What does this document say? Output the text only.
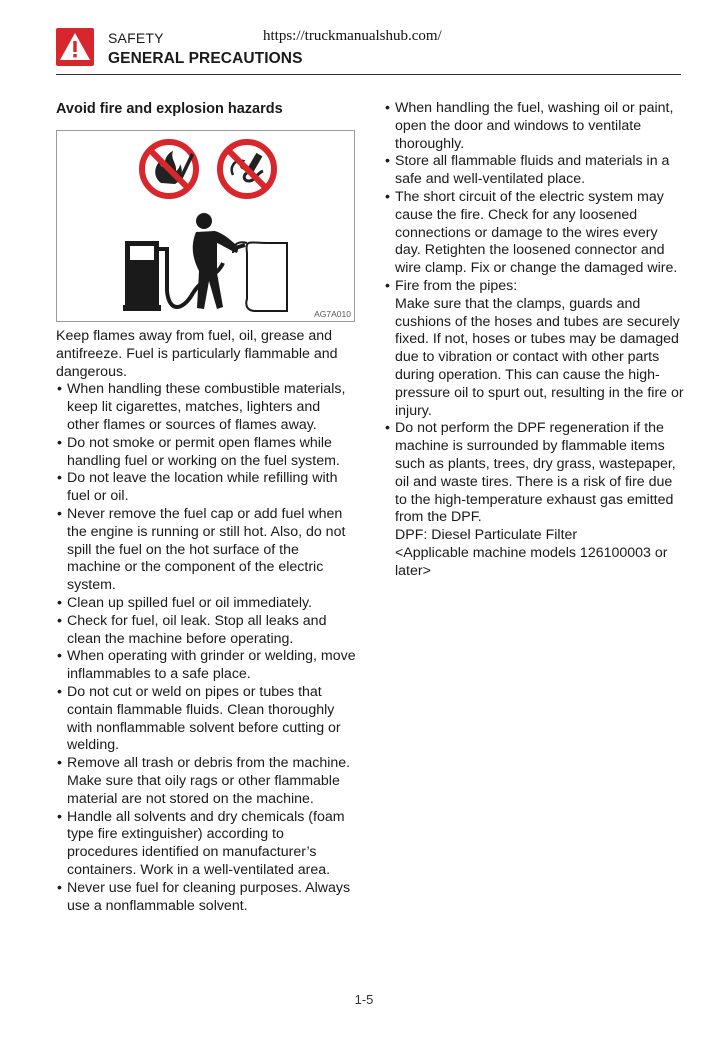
SAFETY
GENERAL PRECAUTIONS
https://truckmanualshub.com/
Avoid fire and explosion hazards
AG7A010

Keep flames away from fuel, oil, grease and antifreeze. Fuel is particularly flammable and dangerous.

• When handling these combustible materials, keep lit cigarettes, matches, lighters and other flames or sources of flames away.
• Do not smoke or permit open flames while handling fuel or working on the fuel system.
• Do not leave the location while refilling with fuel or oil.
• Never remove the fuel cap or add fuel when the engine is running or still hot. Also, do not spill the fuel on the hot surface of the machine or the component of the electric system.
• Clean up spilled fuel or oil immediately.
• Check for fuel, oil leak. Stop all leaks and clean the machine before operating.
• When operating with grinder or welding, move inflammables to a safe place.
• Do not cut or weld on pipes or tubes that contain flammable fluids. Clean thoroughly with nonflammable solvent before cutting or welding.
• Remove all trash or debris from the machine. Make sure that oily rags or other flammable material are not stored on the machine.
• Handle all solvents and dry chemicals (foam type fire extinguisher) according to procedures identified on manufacturer’s containers. Work in a well-ventilated area.
• Never use fuel for cleaning purposes. Always use a nonflammable solvent.
• When handling the fuel, washing oil or paint, open the door and windows to ventilate thoroughly.
• Store all flammable fluids and materials in a safe and well-ventilated place.
• The short circuit of the electric system may cause the fire. Check for any loosened connections or damage to the wires every day. Retighten the loosened connector and wire clamp. Fix or change the damaged wire.
• Fire from the pipes:
Make sure that the clamps, guards and cushions of the hoses and tubes are securely fixed. If not, hoses or tubes may be damaged due to vibration or contact with other parts during operation. This can cause the high-pressure oil to spurt out, resulting in the fire or injury.
• Do not perform the DPF regeneration if the machine is surrounded by flammable items such as plants, trees, dry grass, wastepaper, oil and waste tires. There is a risk of fire due to the high-temperature exhaust gas emitted from the DPF.
DPF: Diesel Particulate Filter
<Applicable machine models 126100003 or later>
1-5
